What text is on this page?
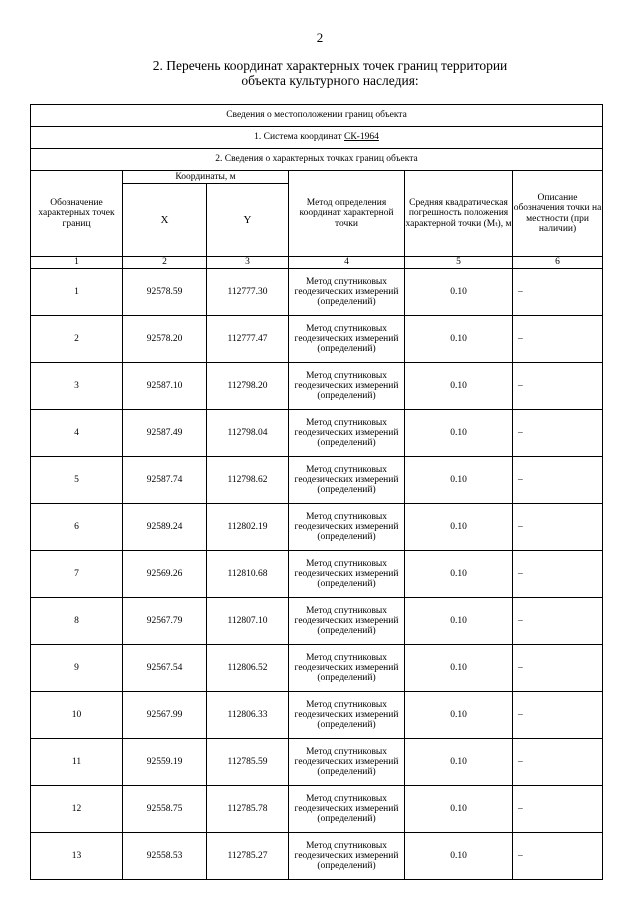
2
2. Перечень координат характерных точек границ территории
объекта культурного наследия:
Сведения о местоположении границ объекта					
1. Система координат СК-1964					
2. Сведения о характерных точках границ объекта					
Обозначение характерных точек границ	Координаты, м		Метод определения координат характерной точки	Средняя квадратическая погрешность положения характерной точки (Mₜ), м	Описание обозначения точки на местности (при наличии)
	X	Y			
1	2	3	4	5	6
1	92578.59	112777.30	Метод спутниковых геодезических измерений (определений)	0.10	–
2	92578.20	112777.47	Метод спутниковых геодезических измерений (определений)	0.10	–
3	92587.10	112798.20	Метод спутниковых геодезических измерений (определений)	0.10	–
4	92587.49	112798.04	Метод спутниковых геодезических измерений (определений)	0.10	–
5	92587.74	112798.62	Метод спутниковых геодезических измерений (определений)	0.10	–
6	92589.24	112802.19	Метод спутниковых геодезических измерений (определений)	0.10	–
7	92569.26	112810.68	Метод спутниковых геодезических измерений (определений)	0.10	–
8	92567.79	112807.10	Метод спутниковых геодезических измерений (определений)	0.10	–
9	92567.54	112806.52	Метод спутниковых геодезических измерений (определений)	0.10	–
10	92567.99	112806.33	Метод спутниковых геодезических измерений (определений)	0.10	–
11	92559.19	112785.59	Метод спутниковых геодезических измерений (определений)	0.10	–
12	92558.75	112785.78	Метод спутниковых геодезических измерений (определений)	0.10	–
13	92558.53	112785.27	Метод спутниковых геодезических измерений (определений)	0.10	–
